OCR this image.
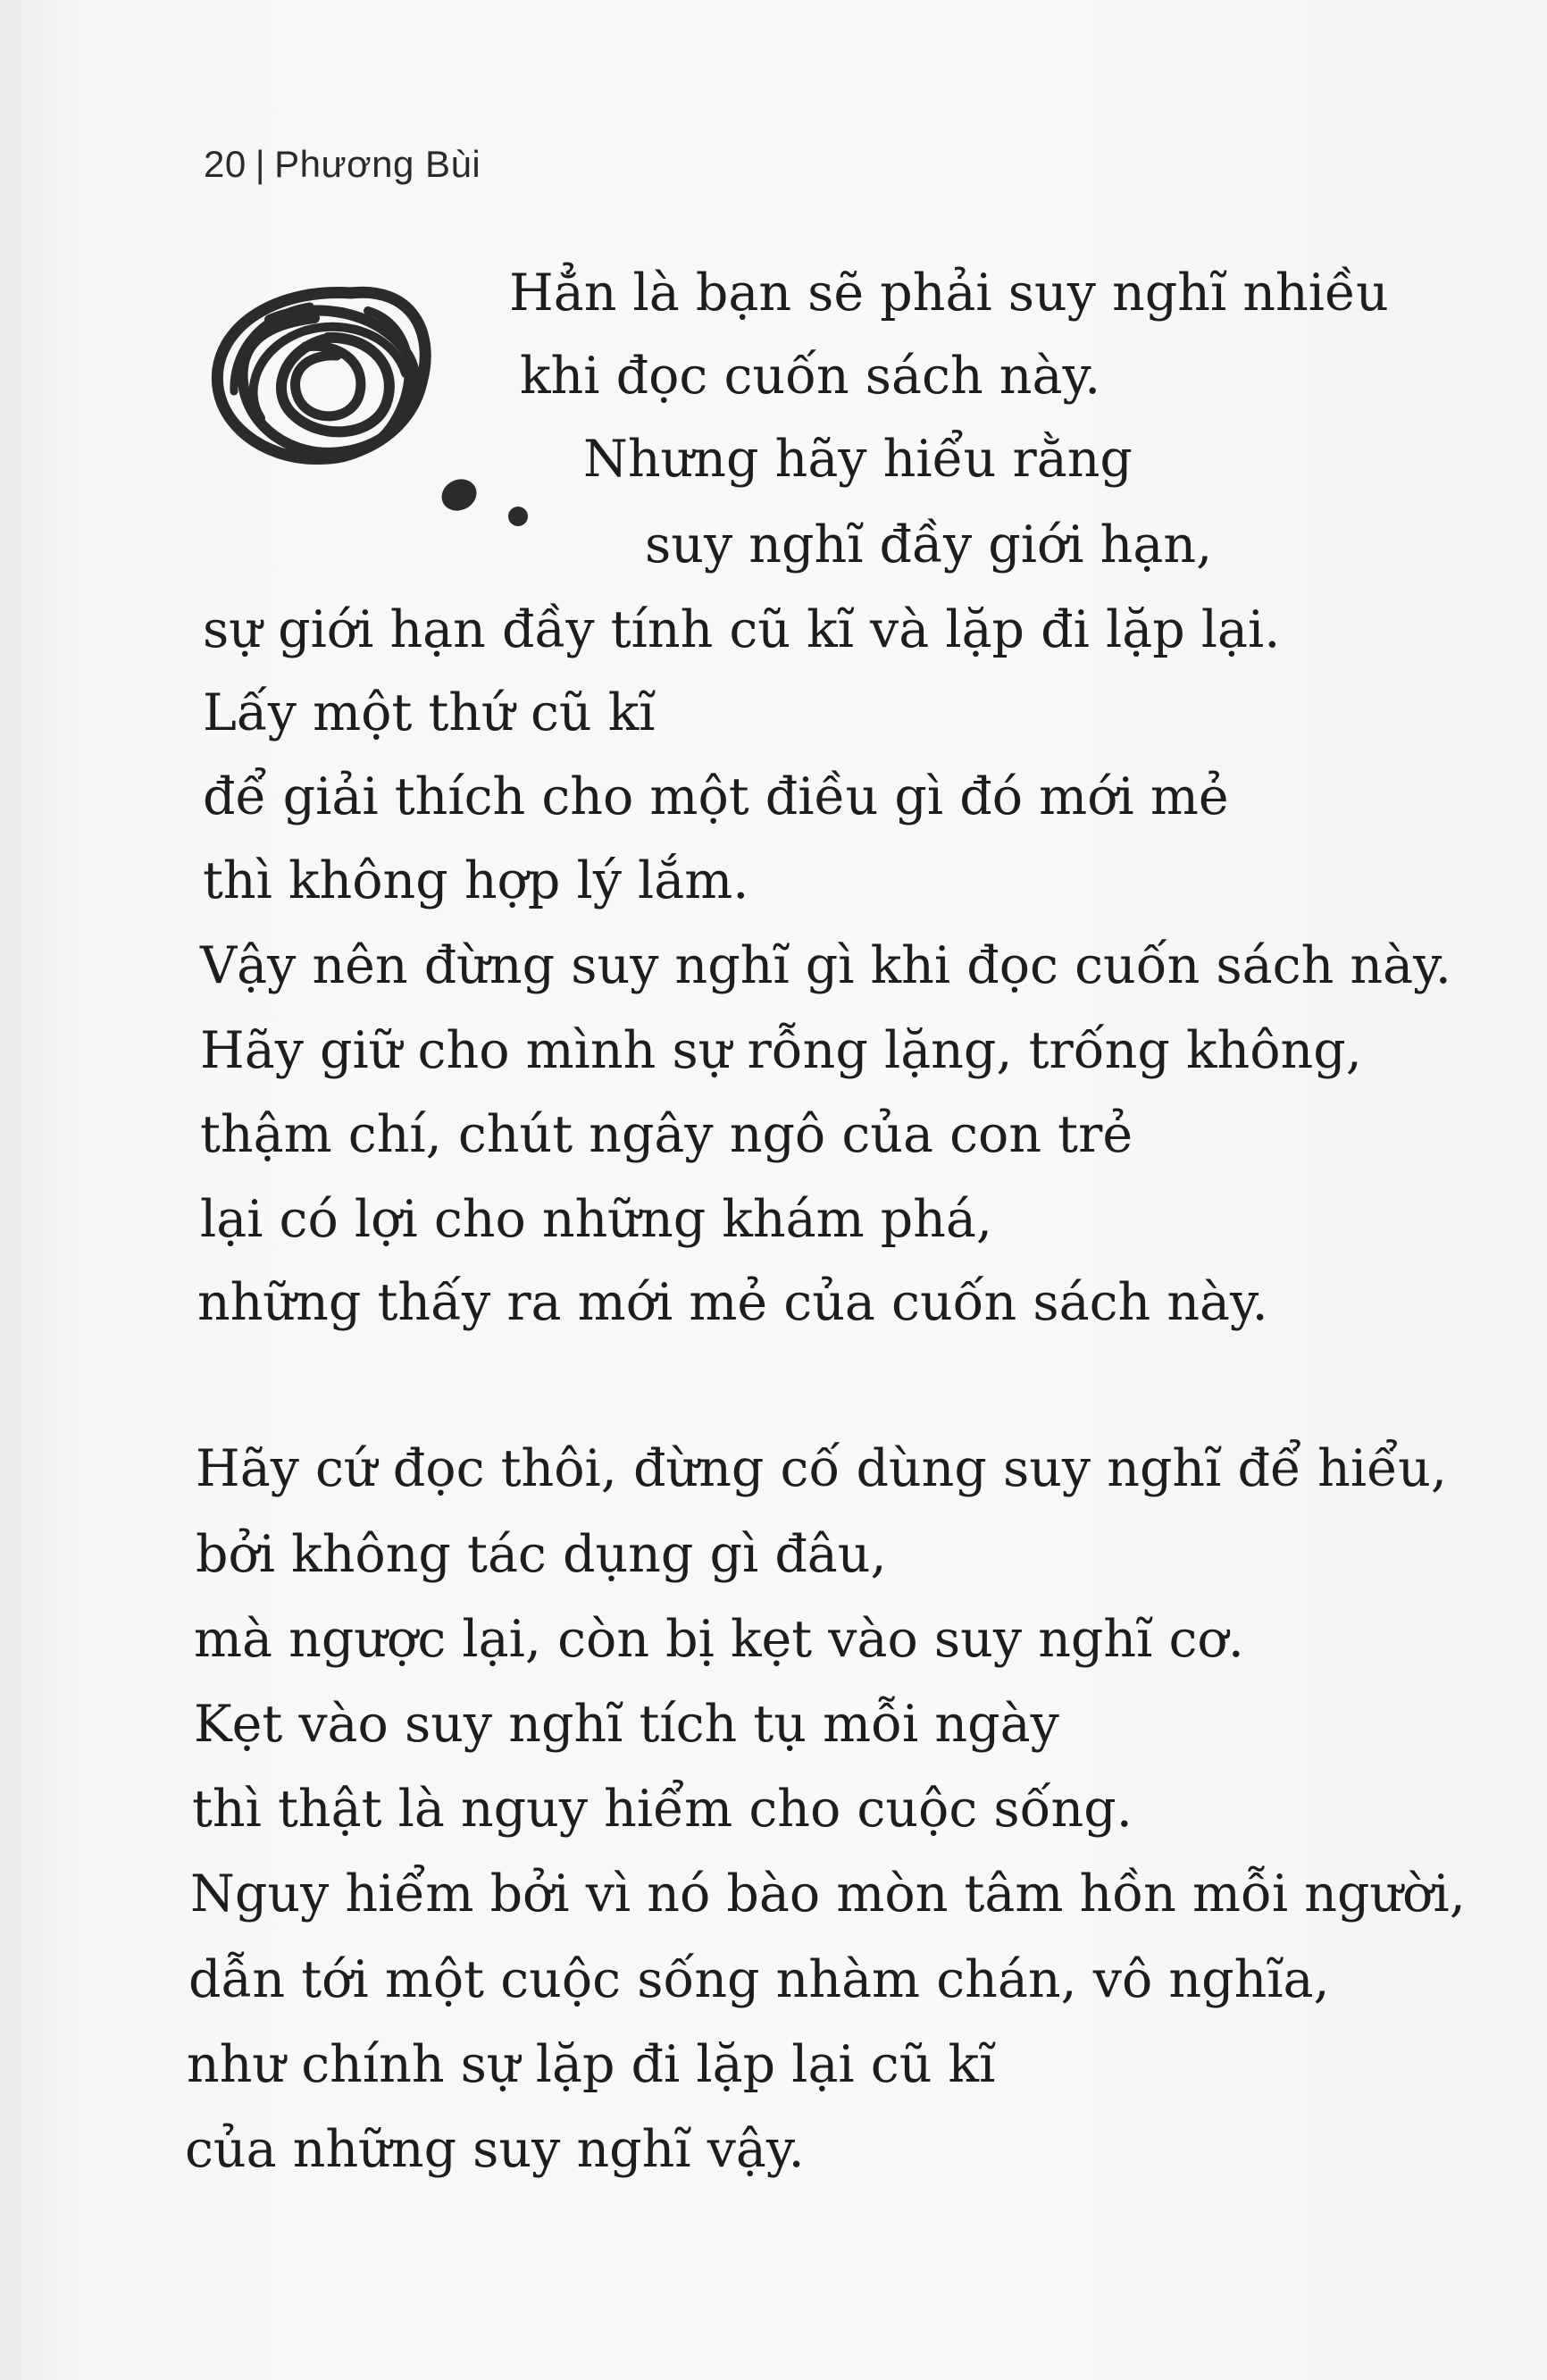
20 | Phương Bùi
Hẳn là bạn sẽ phải suy nghĩ nhiều
khi đọc cuốn sách này.
Nhưng hãy hiểu rằng
suy nghĩ đầy giới hạn,
sự giới hạn đầy tính cũ kĩ và lặp đi lặp lại.
Lấy một thứ cũ kĩ
để giải thích cho một điều gì đó mới mẻ
thì không hợp lý lắm.
Vậy nên đừng suy nghĩ gì khi đọc cuốn sách này.
Hãy giữ cho mình sự rỗng lặng, trống không,
thậm chí, chút ngây ngô của con trẻ
lại có lợi cho những khám phá,
những thấy ra mới mẻ của cuốn sách này.
Hãy cứ đọc thôi, đừng cố dùng suy nghĩ để hiểu,
bởi không tác dụng gì đâu,
mà ngược lại, còn bị kẹt vào suy nghĩ cơ.
Kẹt vào suy nghĩ tích tụ mỗi ngày
thì thật là nguy hiểm cho cuộc sống.
Nguy hiểm bởi vì nó bào mòn tâm hồn mỗi người,
dẫn tới một cuộc sống nhàm chán, vô nghĩa,
như chính sự lặp đi lặp lại cũ kĩ
của những suy nghĩ vậy.
